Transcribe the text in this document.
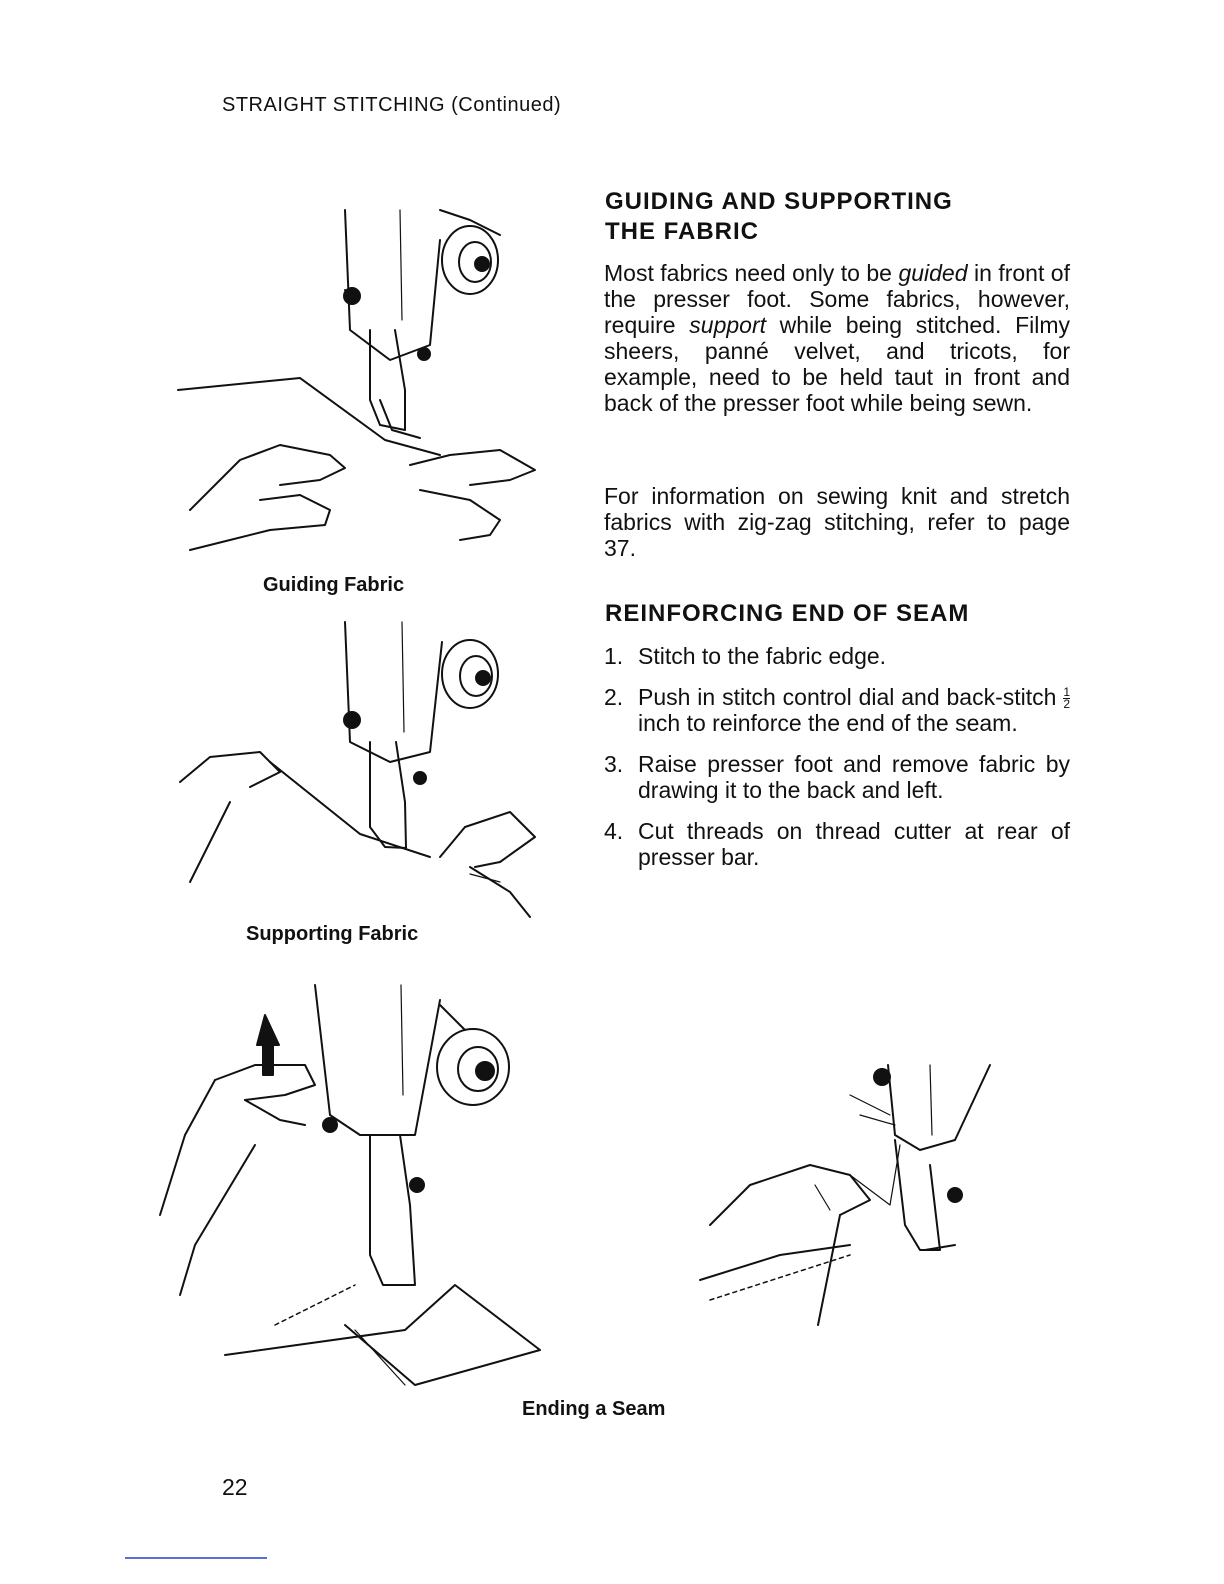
STRAIGHT STITCHING (Continued)
Guiding Fabric
Supporting Fabric
Ending a Seam
GUIDING AND SUPPORTING
THE FABRIC
Most fabrics need only to be guided in front of the presser foot. Some fabrics, however, require support while being stitched. Filmy sheers, panné velvet, and tricots, for example, need to be held taut in front and back of the presser foot while being sewn.
For information on sewing knit and stretch fabrics with zig-zag stitching, refer to page 37.
REINFORCING END OF SEAM
1. Stitch to the fabric edge.
2. Push in stitch control dial and back-stitch $\frac{1}{2}$
inch to reinforce the end of the seam.
3. Raise presser foot and remove fabric by drawing it to the back and left.
4. Cut threads on thread cutter at rear of presser bar.
22
